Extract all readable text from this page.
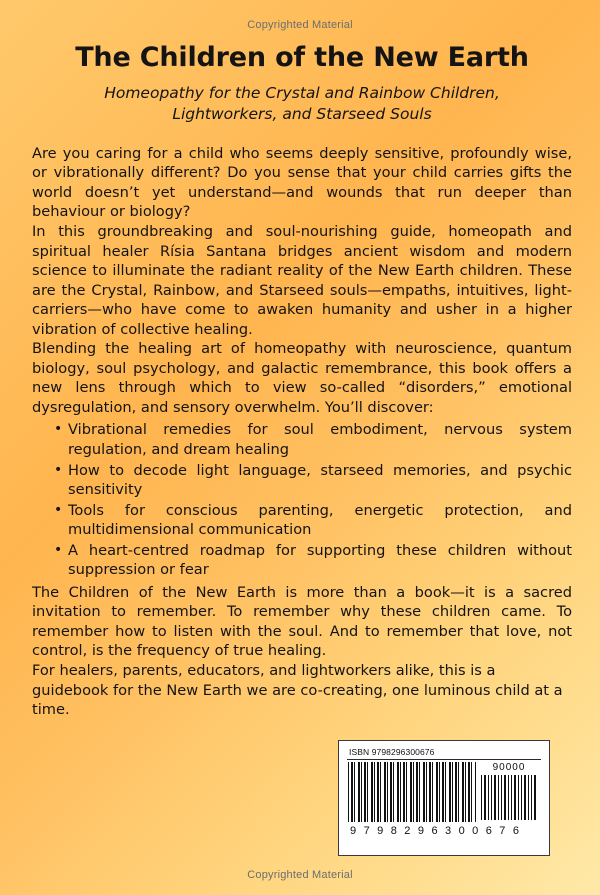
Copyrighted Material
The Children of the New Earth
Homeopathy for the Crystal and Rainbow Children, Lightworkers, and Starseed Souls

Are you caring for a child who seems deeply sensitive, profoundly wise, or vibrationally different? Do you sense that your child carries gifts the world doesn’t yet understand—and wounds that run deeper than behaviour or biology?

In this groundbreaking and soul-nourishing guide, homeopath and spiritual healer Rísia Santana bridges ancient wisdom and modern science to illuminate the radiant reality of the New Earth children. These are the Crystal, Rainbow, and Starseed souls—empaths, intuitives, light-carriers—who have come to awaken humanity and usher in a higher vibration of collective healing.

Blending the healing art of homeopathy with neuroscience, quantum biology, soul psychology, and galactic remembrance, this book offers a new lens through which to view so-called “disorders,” emotional dysregulation, and sensory overwhelm. You’ll discover:

• Vibrational remedies for soul embodiment, nervous system regulation, and dream healing
• How to decode light language, starseed memories, and psychic sensitivity
• Tools for conscious parenting, energetic protection, and multidimensional communication
• A heart-centred roadmap for supporting these children without suppression or fear

The Children of the New Earth is more than a book—it is a sacred invitation to remember. To remember why these children came. To remember how to listen with the soul. And to remember that love, not control, is the frequency of true healing.

For healers, parents, educators, and lightworkers alike, this is a guidebook for the New Earth we are co-creating, one luminous child at a time.

ISBN 9798296300676
90000
9 7 9 8 2 9 6 3 0 0 6 7 6
Copyrighted Material
